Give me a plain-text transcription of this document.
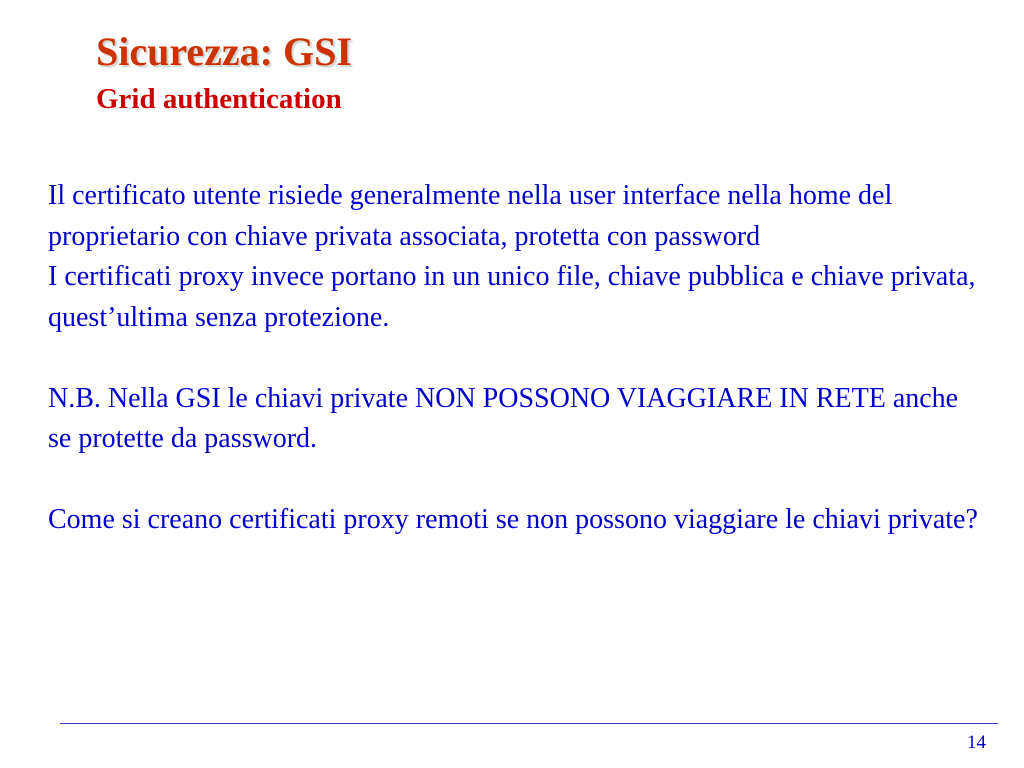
Sicurezza: GSI
Grid authentication

Il certificato utente risiede generalmente nella user interface nella home del proprietario con chiave privata associata, protetta con password

I certificati proxy invece portano in un unico file, chiave pubblica e chiave privata, quest’ultima senza protezione.

N.B. Nella GSI le chiavi private NON POSSONO VIAGGIARE IN RETE anche se protette da password.

Come si creano certificati proxy remoti se non possono viaggiare le chiavi private?

14
